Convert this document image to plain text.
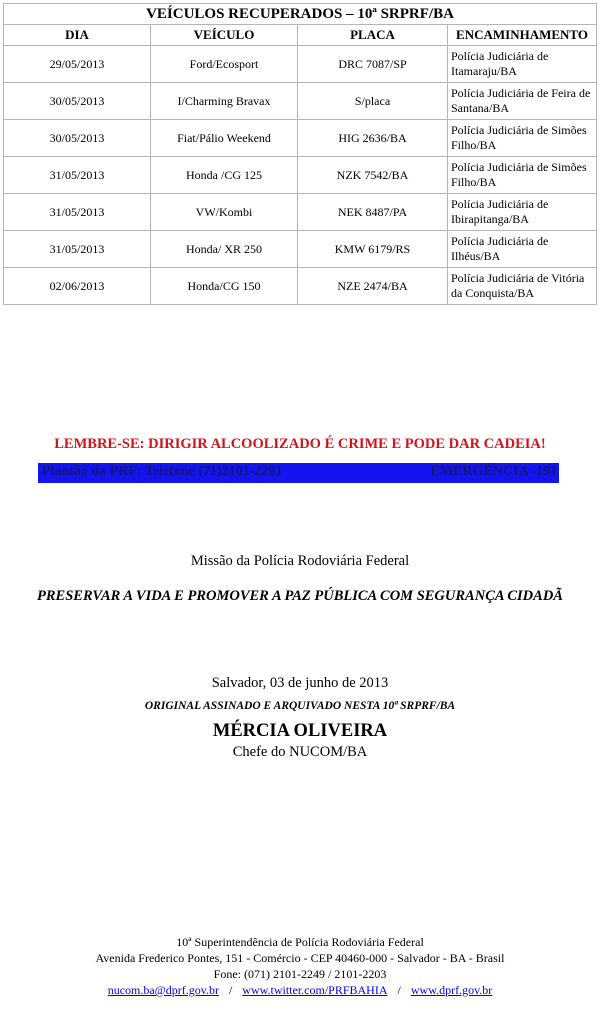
VEÍCULOS RECUPERADOS – 10ª SRPRF/BA			
DIA	VEÍCULO	PLACA	ENCAMINHAMENTO
29/05/2013	Ford/Ecosport	DRC 7087/SP	Polícia Judiciária de Itamaraju/BA
30/05/2013	I/Charming Bravax	S/placa	Polícia Judiciária de Feira de Santana/BA
30/05/2013	Fiat/Pálio Weekend	HIG 2636/BA	Polícia Judiciária de Simões Filho/BA
31/05/2013	Honda /CG 125	NZK 7542/BA	Polícia Judiciária de Simões Filho/BA
31/05/2013	VW/Kombi	NEK 8487/PA	Polícia Judiciária de Ibirapitanga/BA
31/05/2013	Honda/ XR 250	KMW 6179/RS	Polícia Judiciária de Ilhéus/BA
02/06/2013	Honda/CG 150	NZE 2474/BA	Polícia Judiciária de Vitória da Conquista/BA
LEMBRE-SE: DIRIGIR ALCOOLIZADO É CRIME E PODE DAR CADEIA!
Plantão da PRF: Telefone (71)2101-2201	EMERGÊNCIA -191
Missão da Polícia Rodoviária Federal
PRESERVAR A VIDA E PROMOVER A PAZ PÚBLICA COM SEGURANÇA CIDADÃ
Salvador, 03 de junho de 2013
ORIGINAL ASSINADO E ARQUIVADO NESTA 10ª SRPRF/BA
MÉRCIA OLIVEIRA
Chefe do NUCOM/BA
10ª Superintendência de Polícia Rodoviária Federal
Avenida Frederico Pontes, 151 - Comércio - CEP 40460-000 - Salvador - BA - Brasil
Fone: (071) 2101-2249 / 2101-2203
nucom.ba@dprf.gov.br / www.twitter.com/PRFBAHIA / www.dprf.gov.br
